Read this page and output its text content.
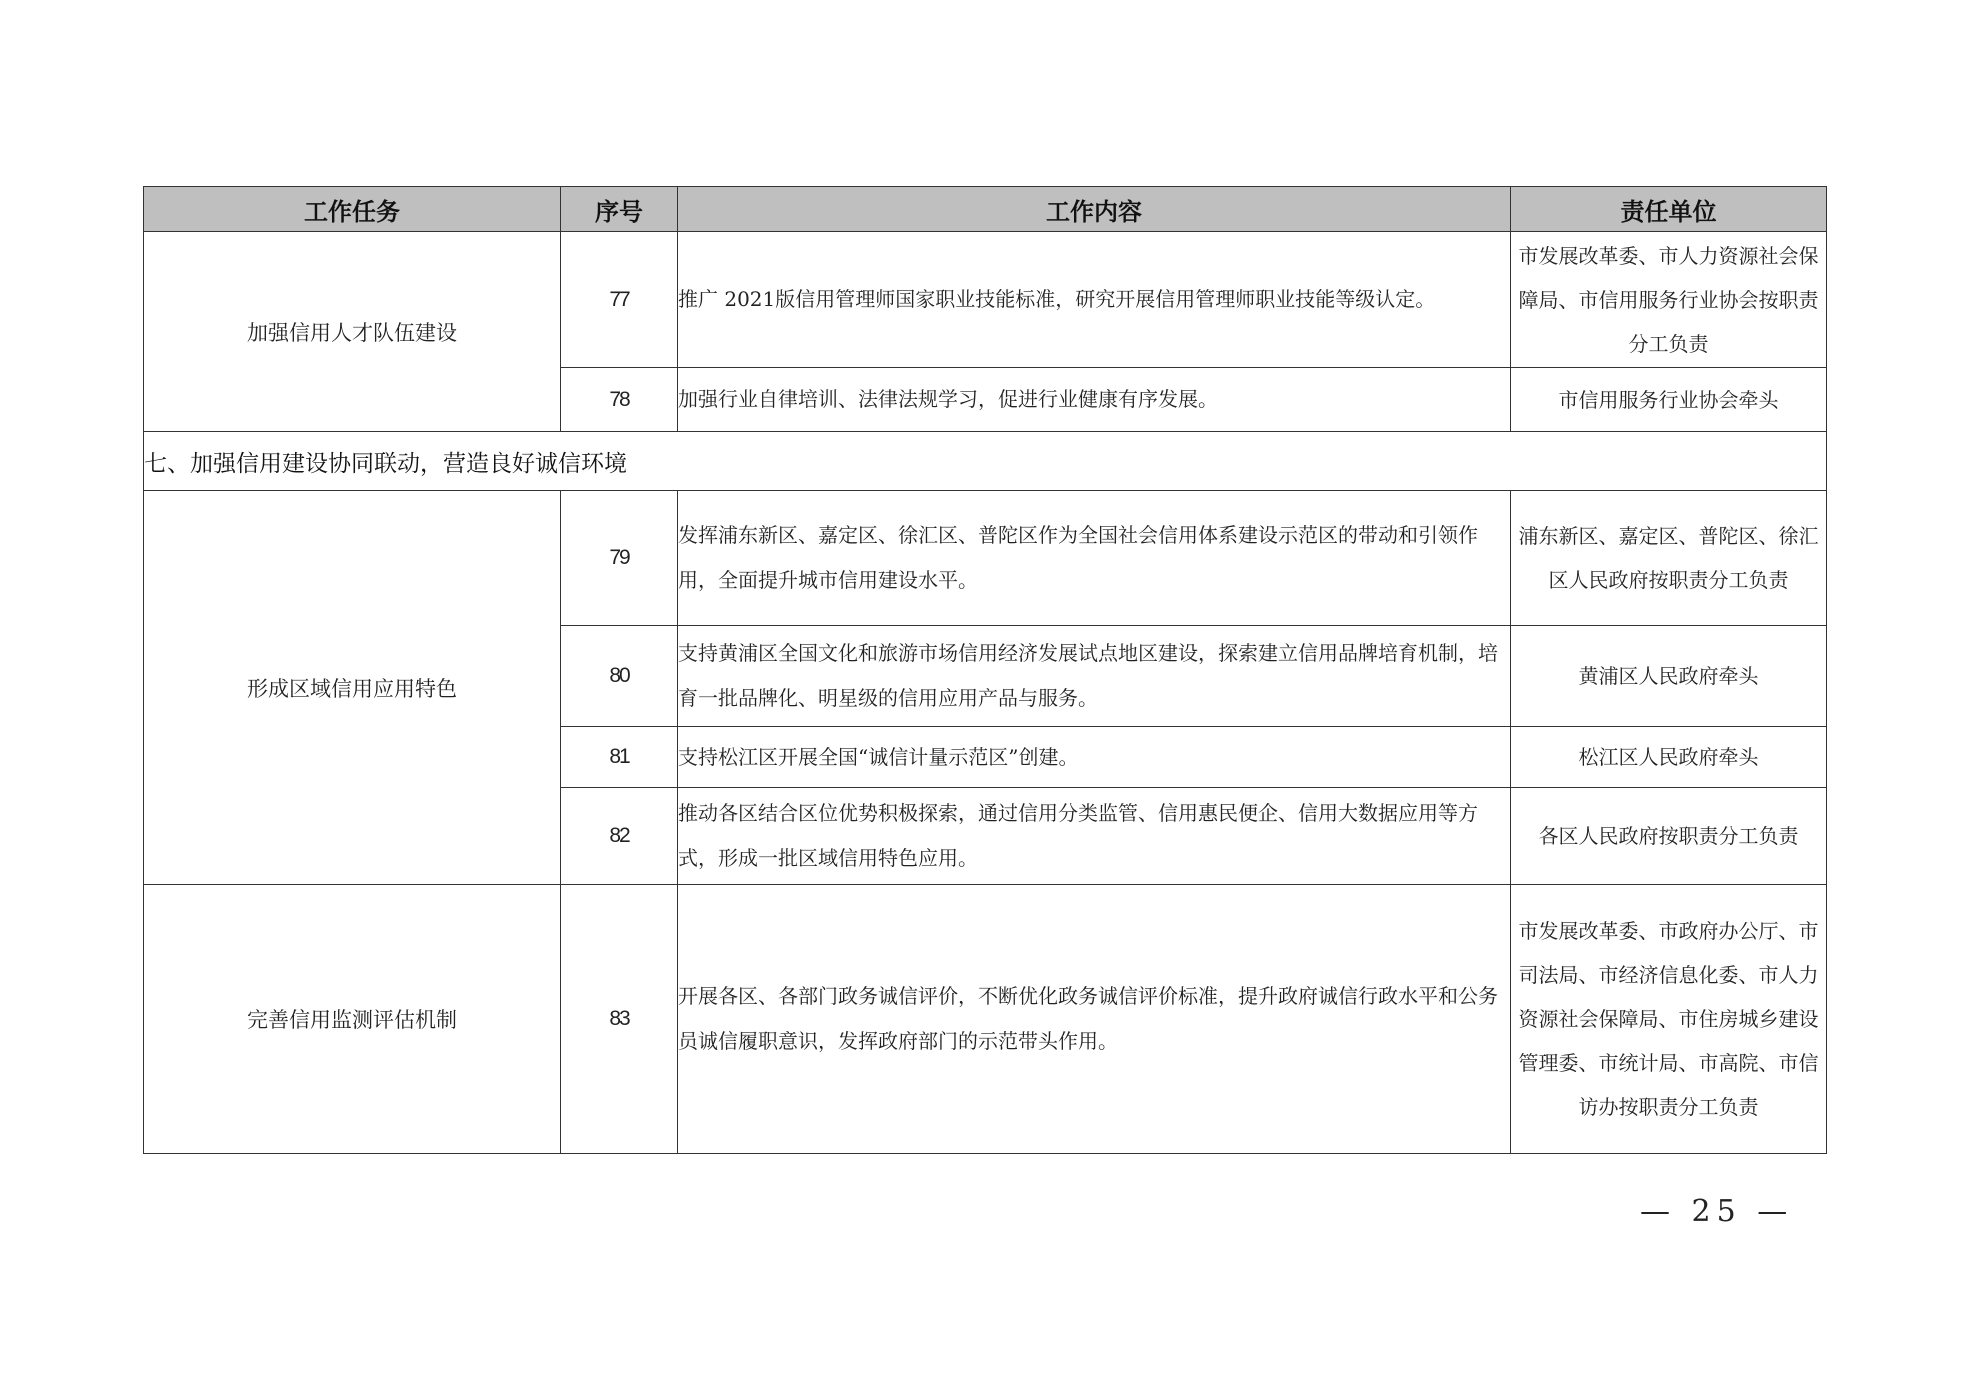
工作任务	序号	工作内容	责任单位
加强信用人才队伍建设	77	推广 2021版信用管理师国家职业技能标准，研究开展信用管理师职业技能等级认定。	市发展改革委、市人力资源社会保障局、市信用服务行业协会按职责分工负责
	78	加强行业自律培训、法律法规学习，促进行业健康有序发展。	市信用服务行业协会牵头
七、加强信用建设协同联动，营造良好诚信环境			
形成区域信用应用特色	79	发挥浦东新区、嘉定区、徐汇区、普陀区作为全国社会信用体系建设示范区的带动和引领作用，全面提升城市信用建设水平。	浦东新区、嘉定区、普陀区、徐汇区人民政府按职责分工负责
	80	支持黄浦区全国文化和旅游市场信用经济发展试点地区建设，探索建立信用品牌培育机制，培育一批品牌化、明星级的信用应用产品与服务。	黄浦区人民政府牵头
	81	支持松江区开展全国“诚信计量示范区”创建。	松江区人民政府牵头
	82	推动各区结合区位优势积极探索，通过信用分类监管、信用惠民便企、信用大数据应用等方式，形成一批区域信用特色应用。	各区人民政府按职责分工负责
完善信用监测评估机制	83	开展各区、各部门政务诚信评价，不断优化政务诚信评价标准，提升政府诚信行政水平和公务员诚信履职意识，发挥政府部门的示范带头作用。	市发展改革委、市政府办公厅、市司法局、市经济信息化委、市人力资源社会保障局、市住房城乡建设管理委、市统计局、市高院、市信访办按职责分工负责
— 25 —
